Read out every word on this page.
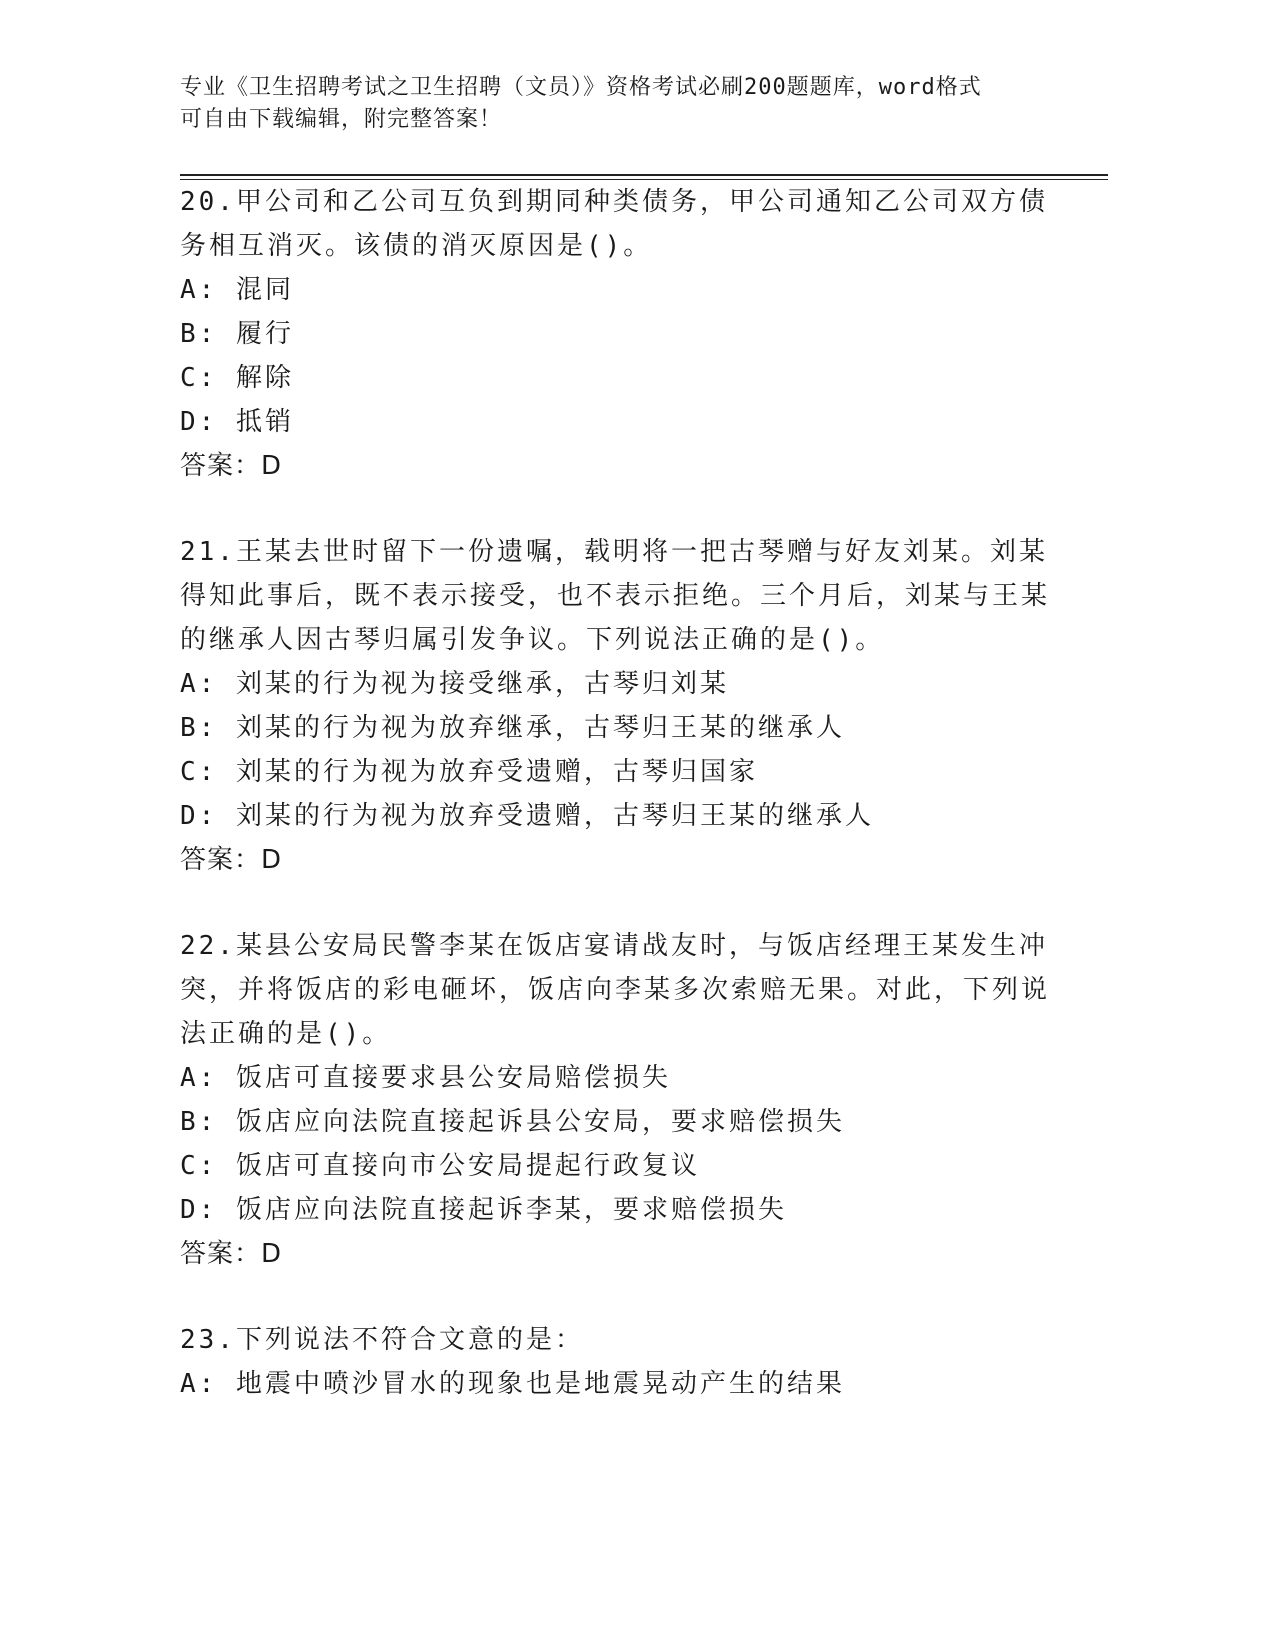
专业《卫生招聘考试之卫生招聘（文员）》资格考试必刷200题题库，word格式

可自由下载编辑，附完整答案！

20.甲公司和乙公司互负到期同种类债务，甲公司通知乙公司双方债务相互消灭。该债的消灭原因是()。

A: 混同

B: 履行

C: 解除

D: 抵销

答案：D

21.王某去世时留下一份遗嘱，载明将一把古琴赠与好友刘某。刘某得知此事后，既不表示接受，也不表示拒绝。三个月后，刘某与王某的继承人因古琴归属引发争议。下列说法正确的是()。

A: 刘某的行为视为接受继承，古琴归刘某

B: 刘某的行为视为放弃继承，古琴归王某的继承人

C: 刘某的行为视为放弃受遗赠，古琴归国家

D: 刘某的行为视为放弃受遗赠，古琴归王某的继承人

答案：D

22.某县公安局民警李某在饭店宴请战友时，与饭店经理王某发生冲突，并将饭店的彩电砸坏，饭店向李某多次索赔无果。对此，下列说法正确的是()。

A: 饭店可直接要求县公安局赔偿损失

B: 饭店应向法院直接起诉县公安局，要求赔偿损失

C: 饭店可直接向市公安局提起行政复议

D: 饭店应向法院直接起诉李某，要求赔偿损失

答案：D

23.下列说法不符合文意的是：

A: 地震中喷沙冒水的现象也是地震晃动产生的结果
